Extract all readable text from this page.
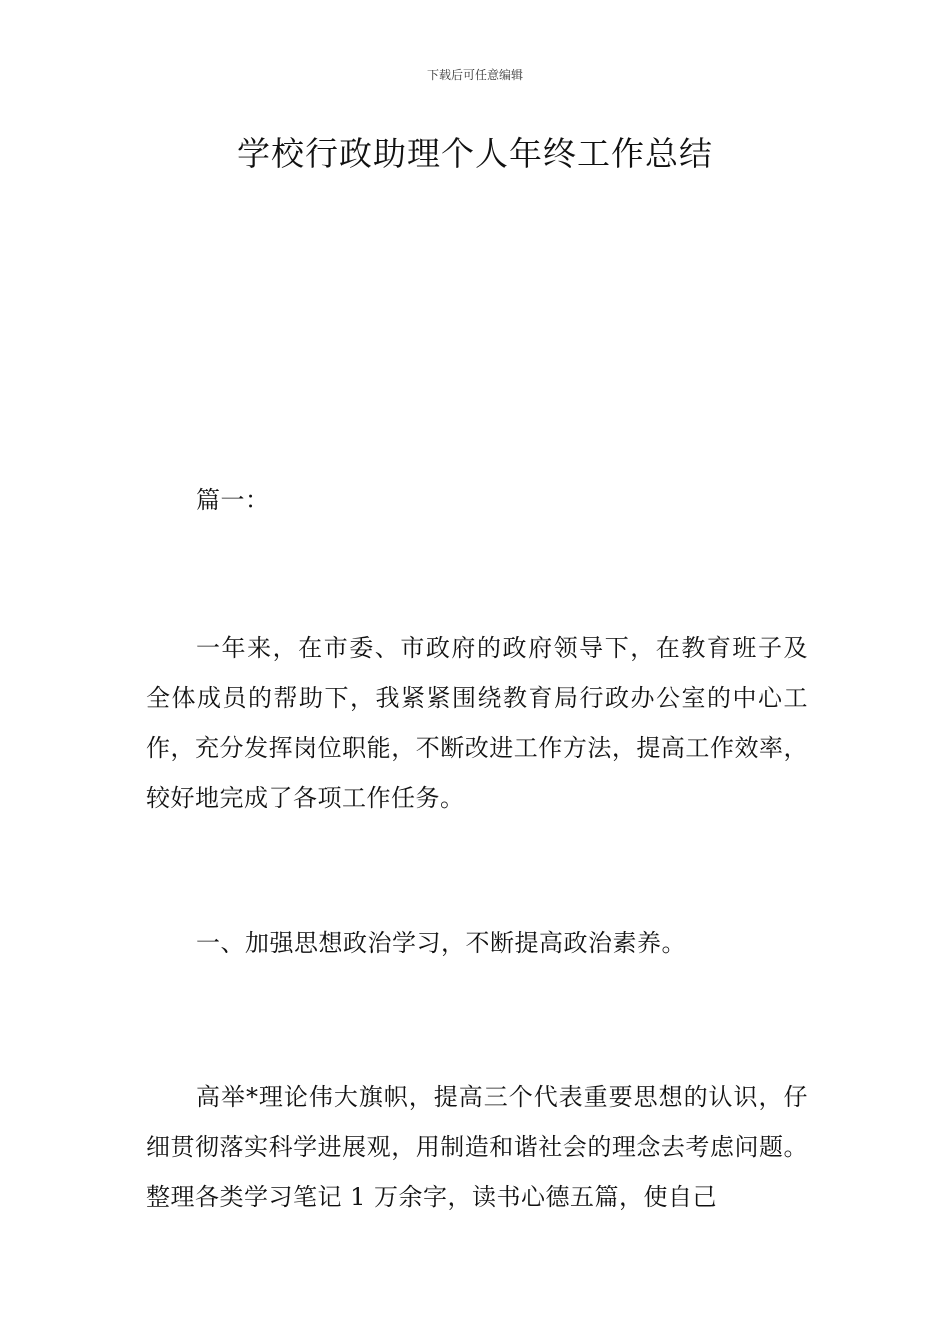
下载后可任意编辑
学校行政助理个人年终工作总结
篇一：
一年来，在市委、市政府的政府领导下，在教育班子及全体成员的帮助下，我紧紧围绕教育局行政办公室的中心工作，充分发挥岗位职能，不断改进工作方法，提高工作效率，较好地完成了各项工作任务。
一、加强思想政治学习，不断提高政治素养。
高举*理论伟大旗帜，提高三个代表重要思想的认识，仔细贯彻落实科学进展观，用制造和谐社会的理念去考虑问题。整理各类学习笔记 1 万余字，读书心德五篇，使自己
